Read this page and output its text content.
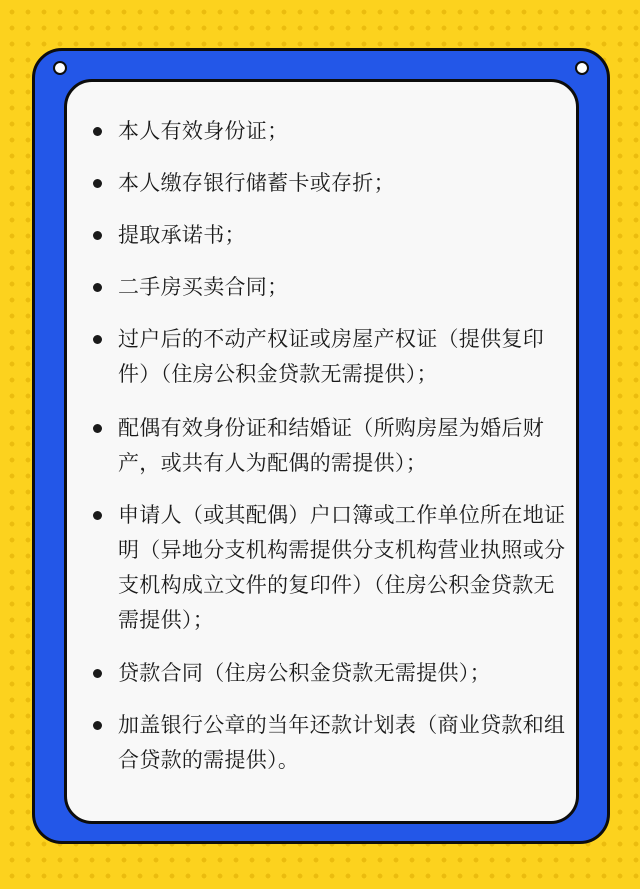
本人有效身份证；
本人缴存银行储蓄卡或存折；
提取承诺书；
二手房买卖合同；
过户后的不动产权证或房屋产权证（提供复印件）（住房公积金贷款无需提供）；
配偶有效身份证和结婚证（所购房屋为婚后财产，或共有人为配偶的需提供）；
申请人（或其配偶）户口簿或工作单位所在地证明（异地分支机构需提供分支机构营业执照或分支机构成立文件的复印件）（住房公积金贷款无需提供）；
贷款合同（住房公积金贷款无需提供）；
加盖银行公章的当年还款计划表（商业贷款和组合贷款的需提供）。
